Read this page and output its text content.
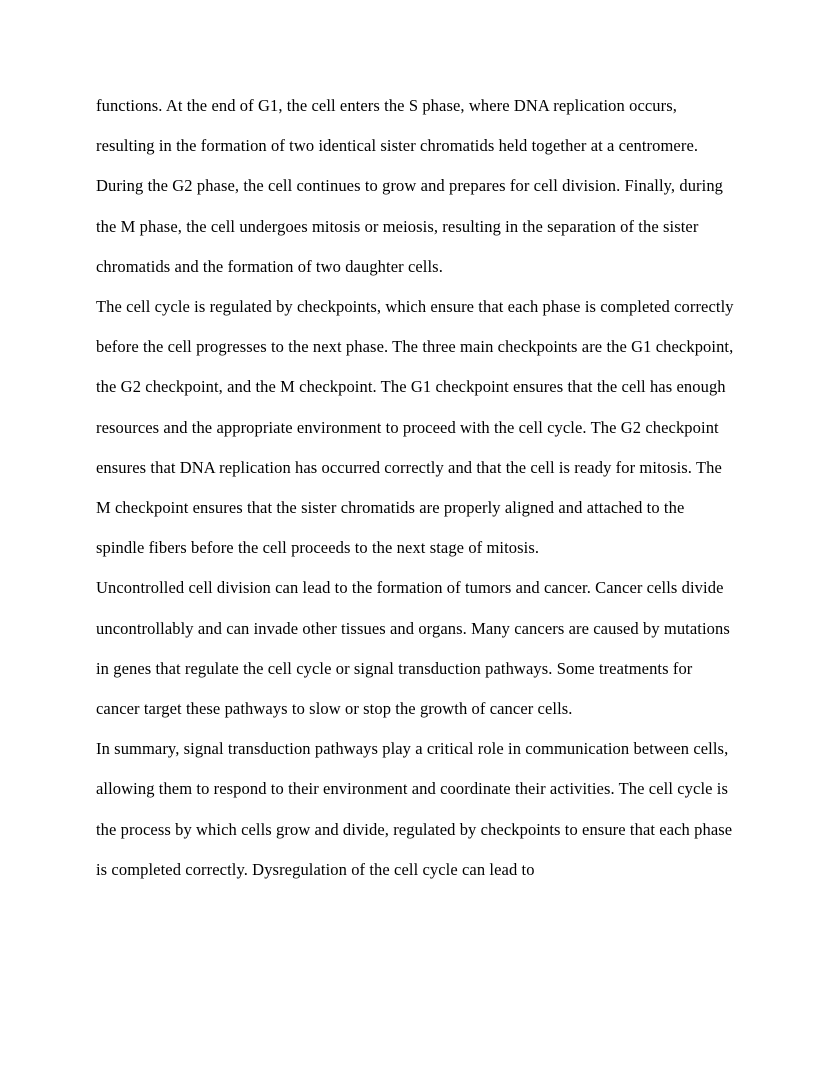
functions. At the end of G1, the cell enters the S phase, where DNA replication occurs, resulting in the formation of two identical sister chromatids held together at a centromere. During the G2 phase, the cell continues to grow and prepares for cell division. Finally, during the M phase, the cell undergoes mitosis or meiosis, resulting in the separation of the sister chromatids and the formation of two daughter cells.

The cell cycle is regulated by checkpoints, which ensure that each phase is completed correctly before the cell progresses to the next phase. The three main checkpoints are the G1 checkpoint, the G2 checkpoint, and the M checkpoint. The G1 checkpoint ensures that the cell has enough resources and the appropriate environment to proceed with the cell cycle. The G2 checkpoint ensures that DNA replication has occurred correctly and that the cell is ready for mitosis. The M checkpoint ensures that the sister chromatids are properly aligned and attached to the spindle fibers before the cell proceeds to the next stage of mitosis.

Uncontrolled cell division can lead to the formation of tumors and cancer. Cancer cells divide uncontrollably and can invade other tissues and organs. Many cancers are caused by mutations in genes that regulate the cell cycle or signal transduction pathways. Some treatments for cancer target these pathways to slow or stop the growth of cancer cells.

In summary, signal transduction pathways play a critical role in communication between cells, allowing them to respond to their environment and coordinate their activities. The cell cycle is the process by which cells grow and divide, regulated by checkpoints to ensure that each phase is completed correctly. Dysregulation of the cell cycle can lead to
